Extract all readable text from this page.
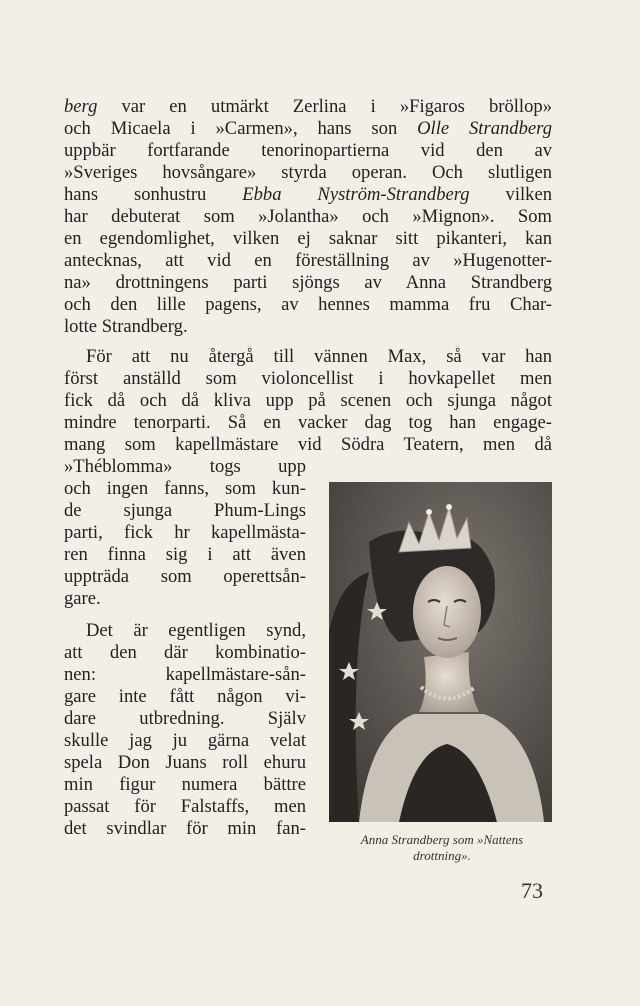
berg var en utmärkt Zerlina i »Figaros bröllop»
och Micaela i »Carmen», hans son Olle Strandberg
uppbär fortfarande tenorinopartierna vid den av
»Sveriges hovsångare» styrda operan. Och slutligen
hans sonhustru Ebba Nyström-Strandberg vilken
har debuterat som »Jolantha» och »Mignon». Som
en egendomlighet, vilken ej saknar sitt pikanteri, kan
antecknas, att vid en föreställning av »Hugenotter-
na» drottningens parti sjöngs av Anna Strandberg
och den lille pagens, av hennes mamma fru Char-
lotte Strandberg.
För att nu återgå till vännen Max, så var han
först anställd som violoncellist i hovkapellet men
fick då och då kliva upp på scenen och sjunga något
mindre tenorparti. Så en vacker dag tog han engage-
mang som kapellmästare vid Södra Teatern, men då
»Théblomma» togs upp
och ingen fanns, som kun-
de sjunga Phum-Lings
parti, fick hr kapellmästa-
ren finna sig i att även
uppträda som operettsån-
gare.
Det är egentligen synd,
att den där kombinatio-
nen: kapellmästare-sån-
gare inte fått någon vi-
dare utbredning. Själv
skulle jag ju gärna velat
spela Don Juans roll ehuru
min figur numera bättre
passat för Falstaffs, men
det svindlar för min fan-
Anna Strandberg som »Nattens
drottning».
73
